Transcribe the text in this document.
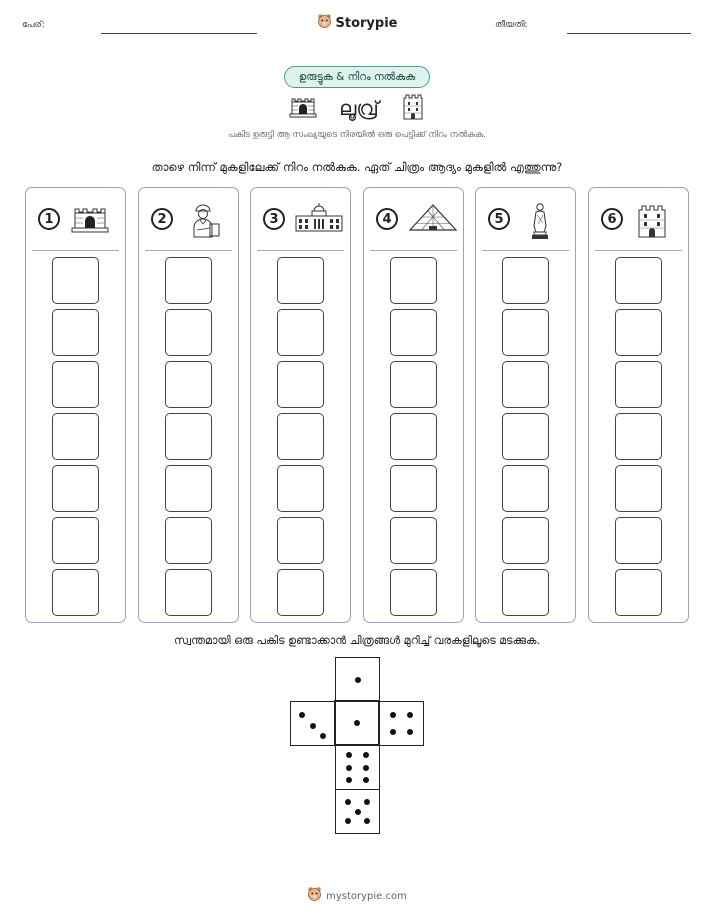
പേര്:	Storypie	തീയതി:
ഉരുട്ടുക & നിറം നൽകുക
ലൂവ്ര്
പകിട ഉരുട്ടി ആ സംഖ്യയുടെ നിരയിൽ ഒരു പെട്ടിക്ക് നിറം നൽകുക.
താഴെ നിന്ന് മുകളിലേക്ക് നിറം നൽകുക. ഏത് ചിത്രം ആദ്യം മുകളിൽ എത്തുന്നു?
1	2	3	4	5	6
സ്വന്തമായി ഒരു പകിട ഉണ്ടാക്കാൻ ചിത്രങ്ങൾ മുറിച്ച് വരകളിലൂടെ മടക്കുക.
mystorypie.com
